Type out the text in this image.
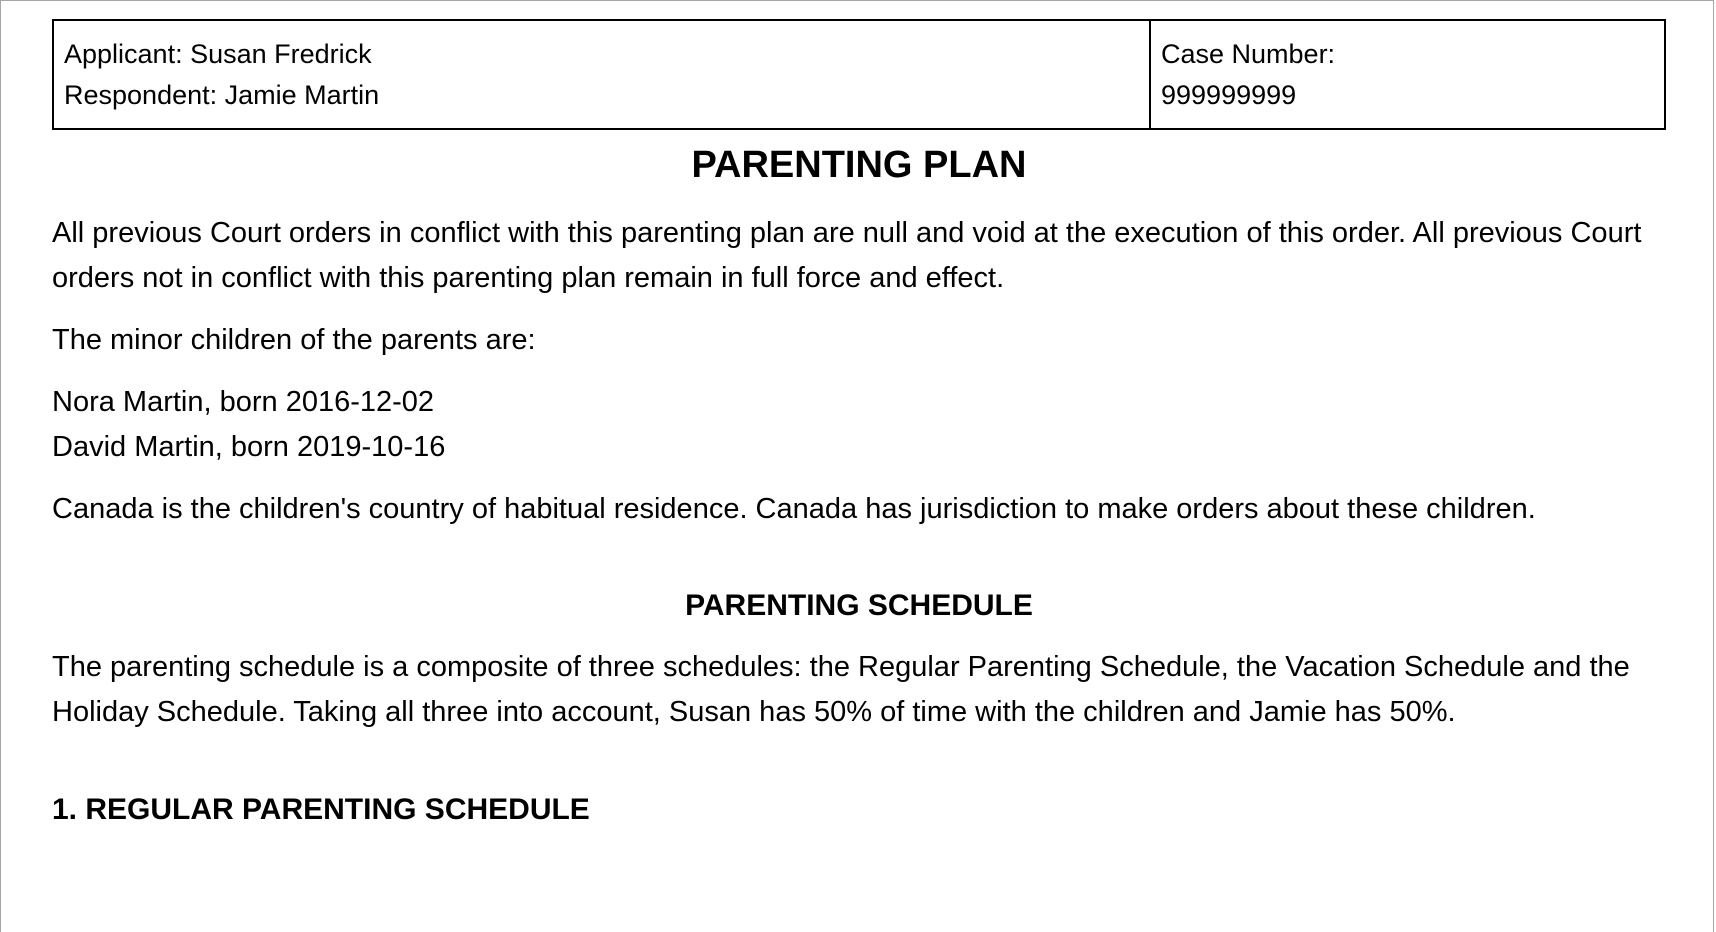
Applicant: Susan Fredrick
Respondent: Jamie Martin

Case Number:
999999999
PARENTING PLAN

All previous Court orders in conflict with this parenting plan are null and void at the execution of this order. All previous Court orders not in conflict with this parenting plan remain in full force and effect.

The minor children of the parents are:

Nora Martin, born 2016-12-02
David Martin, born 2019-10-16

Canada is the children's country of habitual residence. Canada has jurisdiction to make orders about these children.

PARENTING SCHEDULE

The parenting schedule is a composite of three schedules: the Regular Parenting Schedule, the Vacation Schedule and the Holiday Schedule. Taking all three into account, Susan has 50% of time with the children and Jamie has 50%.

1. REGULAR PARENTING SCHEDULE
